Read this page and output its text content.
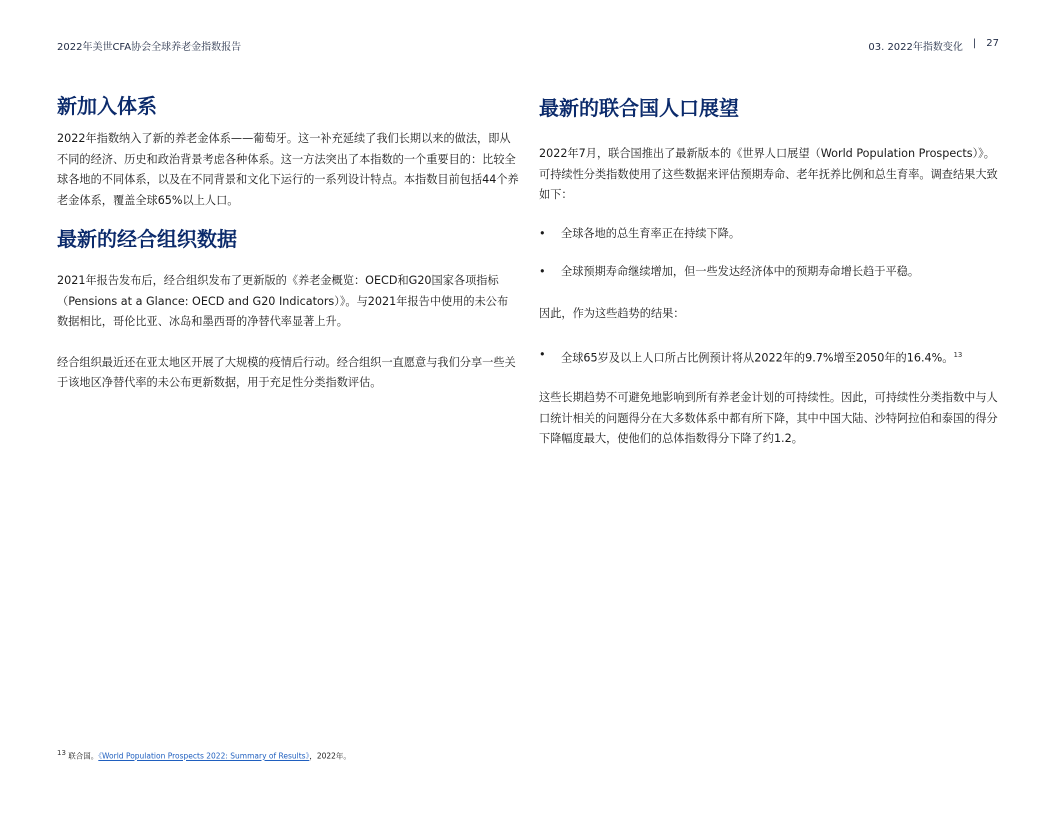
2022年美世CFA协会全球养老金指数报告	03. 2022年指数变化 | 27
新加入体系

2022年指数纳入了新的养老金体系——葡萄牙。这一补充延续了我们长期以来的做法，即从不同的经济、历史和政治背景考虑各种体系。这一方法突出了本指数的一个重要目的：比较全球各地的不同体系，以及在不同背景和文化下运行的一系列设计特点。本指数目前包括44个养老金体系，覆盖全球65%以上人口。

最新的经合组织数据

2021年报告发布后，经合组织发布了更新版的《养老金概览：OECD和G20国家各项指标（Pensions at a Glance: OECD and G20 Indicators）》。与2021年报告中使用的未公布数据相比，哥伦比亚、冰岛和墨西哥的净替代率显著上升。

经合组织最近还在亚太地区开展了大规模的疫情后行动。经合组织一直愿意与我们分享一些关于该地区净替代率的未公布更新数据，用于充足性分类指数评估。

最新的联合国人口展望

2022年7月，联合国推出了最新版本的《世界人口展望（World Population Prospects）》。可持续性分类指数使用了这些数据来评估预期寿命、老年抚养比例和总生育率。调查结果大致如下：

• 全球各地的总生育率正在持续下降。

• 全球预期寿命继续增加，但一些发达经济体中的预期寿命增长趋于平稳。

因此，作为这些趋势的结果：

• 全球65岁及以上人口所占比例预计将从2022年的9.7%增至2050年的16.4%。$^{13}$

这些长期趋势不可避免地影响到所有养老金计划的可持续性。因此，可持续性分类指数中与人口统计相关的问题得分在大多数体系中都有所下降，其中中国大陆、沙特阿拉伯和泰国的得分下降幅度最大，使他们的总体指数得分下降了约1.2。

$^{13}$ 联合国。《World Population Prospects 2022: Summary of Results》，2022年。
